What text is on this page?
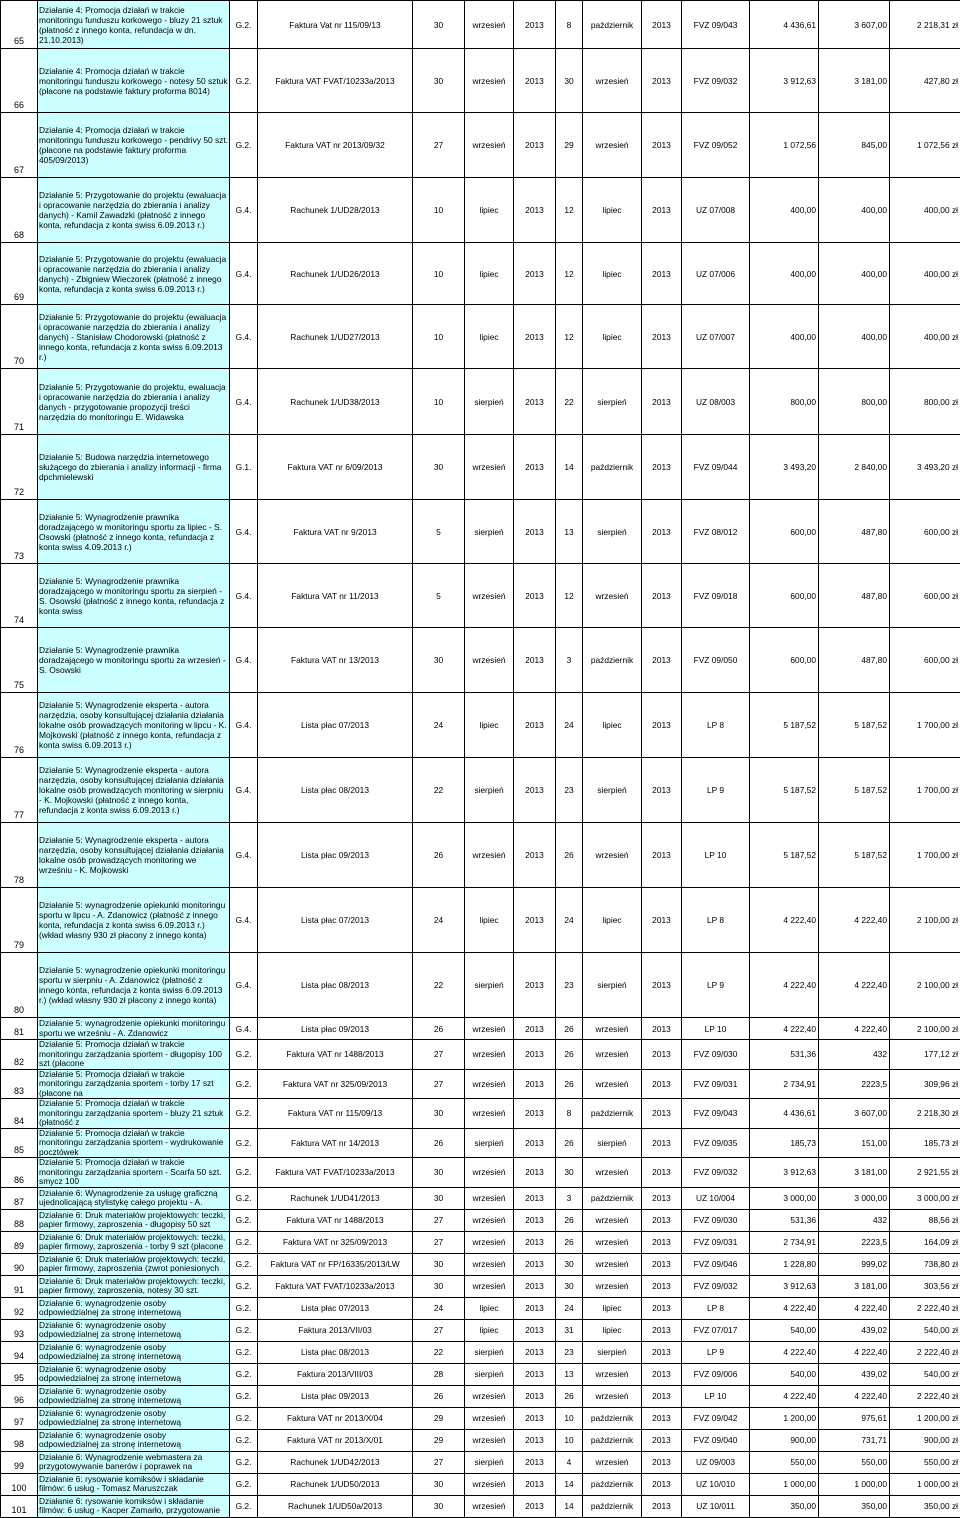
65	Działanie 4: Promocja działań w trakcie monitoringu funduszu korkowego - bluzy 21 sztuk (płatność z innego konta, refundacja w dn. 21.10.2013)	G.2.	Faktura Vat nr 115/09/13	30	wrzesień	2013	8	październik	2013	FVZ 09/043	4 436,61	3 607,00	2 218,31 zł
66	Działanie 4: Promocja działań w trakcie monitoringu funduszu korkowego - notesy 50 sztuk (płacone na podstawie faktury proforma 8014)	G.2.	Faktura VAT FVAT/10233a/2013	30	wrzesień	2013	30	wrzesień	2013	FVZ 09/032	3 912,63	3 181,00	427,80 zł
67	Działanie 4: Promocja działań w trakcie monitoringu funduszu korkowego - pendrivy 50 szt. (płacone na podstawie faktury proforma 405/09/2013)	G.2.	Faktura VAT nr 2013/09/32	27	wrzesień	2013	29	wrzesień	2013	FVZ 09/052	1 072,56	845,00	1 072,56 zł
68	Działanie 5: Przygotowanie do projektu (ewaluacja i opracowanie narzędzia do zbierania i analizy danych) - Kamil Zawadzki (płatność z innego konta, refundacja z konta swiss 6.09.2013 r.)	G.4.	Rachunek 1/UD28/2013	10	lipiec	2013	12	lipiec	2013	UZ 07/008	400,00	400,00	400,00 zł
69	Działanie 5: Przygotowanie do projektu (ewaluacja i opracowanie narzędzia do zbierania i analizy danych) - Zbigniew Wieczorek (płatność z innego konta, refundacja z konta swiss 6.09.2013 r.)	G.4.	Rachunek 1/UD26/2013	10	lipiec	2013	12	lipiec	2013	UZ 07/006	400,00	400,00	400,00 zł
70	Działanie 5: Przygotowanie do projektu (ewaluacja i opracowanie narzędzia do zbierania i analizy danych) - Stanisław Chodorowski (płatność z innego konta, refundacja z konta swiss 6.09.2013 r.)	G.4.	Rachunek 1/UD27/2013	10	lipiec	2013	12	lipiec	2013	UZ 07/007	400,00	400,00	400,00 zł
71	Działanie 5: Przygotowanie do projektu, ewaluacja i opracowanie narzędzia do zbierania i analizy danych - przygotowanie propozycji treści narzędzia do monitoringu E. Widawska	G.4.	Rachunek 1/UD38/2013	10	sierpień	2013	22	sierpień	2013	UZ 08/003	800,00	800,00	800,00 zł
72	Działanie 5: Budowa narzędzia internetowego służącego do zbierania i analizy informacji - firma dpchmielewski	G.1.	Faktura VAT nr 6/09/2013	30	wrzesień	2013	14	październik	2013	FVZ 09/044	3 493,20	2 840,00	3 493,20 zł
73	Działanie 5: Wynagrodzenie prawnika doradzającego w monitoringu sportu za lipiec - S. Osowski (płatność z innego konta, refundacja z konta swiss 4.09.2013 r.)	G.4.	Faktura VAT nr 9/2013	5	sierpień	2013	13	sierpień	2013	FVZ 08/012	600,00	487,80	600,00 zł
74	Działanie 5: Wynagrodzenie prawnika doradzającego w monitoringu sportu za sierpień - S. Osowski (płatność z innego konta, refundacja z konta swiss	G.4.	Faktura VAT nr 11/2013	5	wrzesień	2013	12	wrzesień	2013	FVZ 09/018	600,00	487,80	600,00 zł
75	Działanie 5: Wynagrodzenie prawnika doradzającego w monitoringu sportu za wrzesień - S. Osowski	G.4.	Faktura VAT nr 13/2013	30	wrzesień	2013	3	październik	2013	FVZ 09/050	600,00	487,80	600,00 zł
76	Działanie 5: Wynagrodzenie eksperta - autora narzędzia, osoby konsultującej działania działania lokalne osób prowadzących monitoring w lipcu - K. Mojkowski (płatność z innego konta, refundacja z konta swiss 6.09.2013 r.)	G.4.	Lista płac 07/2013	24	lipiec	2013	24	lipiec	2013	LP 8	5 187,52	5 187,52	1 700,00 zł
77	Działanie 5: Wynagrodzenie eksperta - autora narzędzia, osoby konsultującej działania działania lokalne osób prowadzących monitoring w sierpniu - K. Mojkowski (płatność z innego konta, refundacja z konta swiss 6.09.2013 r.)	G.4.	Lista płac 08/2013	22	sierpień	2013	23	sierpień	2013	LP 9	5 187,52	5 187,52	1 700,00 zł
78	Działanie 5: Wynagrodzenie eksperta - autora narzędzia, osoby konsultującej działania działania lokalne osób prowadzących monitoring we wrześniu - K. Mojkowski	G.4.	Lista płac 09/2013	26	wrzesień	2013	26	wrzesień	2013	LP 10	5 187,52	5 187,52	1 700,00 zł
79	Działanie 5: wynagrodzenie opiekunki monitoringu sportu w lipcu - A. Zdanowicz (płatność z innego konta, refundacja z konta swiss 6.09.2013 r.) (wkład własny 930 zł płacony z innego konta)	G.4.	Lista płac 07/2013	24	lipiec	2013	24	lipiec	2013	LP 8	4 222,40	4 222,40	2 100,00 zł
80	Działanie 5: wynagrodzenie opiekunki monitoringu sportu w sierpniu - A. Zdanowicz (płatność z innego konta, refundacja z konta swiss 6.09.2013 r.) (wkład własny 930 zł płacony z innego konta)	G.4.	Lista płac 08/2013	22	sierpień	2013	23	sierpień	2013	LP 9	4 222,40	4 222,40	2 100,00 zł
81	Działanie 5: wynagrodzenie opiekunki monitoringu sportu we wrześniu - A. Zdanowicz	G.4.	Lista płac 09/2013	26	wrzesień	2013	26	wrzesień	2013	LP 10	4 222,40	4 222,40	2 100,00 zł
82	Działanie 5: Promocja działań w trakcie monitoringu zarządzania sportem - długopisy 100 szt (płacone	G.2.	Faktura VAT nr 1488/2013	27	wrzesień	2013	26	wrzesień	2013	FVZ 09/030	531,36	432	177,12 zł
83	Działanie 5: Promocja działań w trakcie monitoringu zarządzania sportem - torby 17 szt (płacone na	G.2.	Faktura VAT nr 325/09/2013	27	wrzesień	2013	26	wrzesień	2013	FVZ 09/031	2 734,91	2223,5	309,96 zł
84	Działanie 5: Promocja działań w trakcie monitoringu zarządzania sportem - bluzy 21 sztuk (płatność z	G.2.	Faktura VAT nr 115/09/13	30	wrzesień	2013	8	październik	2013	FVZ 09/043	4 436,61	3 607,00	2 218,30 zł
85	Działanie 5: Promocja działań w trakcie monitoringu zarządzania sportem - wydrukowanie pocztówek	G.2.	Faktura VAT nr 14/2013	26	sierpień	2013	26	sierpień	2013	FVZ 09/035	185,73	151,00	185,73 zł
86	Działanie 5: Promocja działań w trakcie monitoringu zarządzania sportem - Scarfa 50 szt. smycz 100	G.2.	Faktura VAT FVAT/10233a/2013	30	wrzesień	2013	30	wrzesień	2013	FVZ 09/032	3 912,63	3 181,00	2 921,55 zł
87	Działanie 6: Wynagrodzenie za usługę graficzną ujednolicającą stylistykę całego projektu - A.	G.2.	Rachunek 1/UD41/2013	30	wrzesień	2013	3	październik	2013	UZ 10/004	3 000,00	3 000,00	3 000,00 zł
88	Działanie 6: Druk materiałów projektowych: teczki, papier firmowy, zaproszenia - długopisy 50 szt	G.2.	Faktura VAT nr 1488/2013	27	wrzesień	2013	26	wrzesień	2013	FVZ 09/030	531,36	432	88,56 zł
89	Działanie 6: Druk materiałów projektowych: teczki, papier firmowy, zaproszenia - torby 9 szt (płacone	G.2.	Faktura VAT nr 325/09/2013	27	wrzesień	2013	26	wrzesień	2013	FVZ 09/031	2 734,91	2223,5	164,09 zł
90	Działanie 6: Druk materiałów projektowych: teczki, papier firmowy, zaproszenia (zwrot poniesionych	G.2.	Faktura VAT nr FP/16335/2013/LW	30	wrzesień	2013	30	wrzesień	2013	FVZ 09/046	1 228,80	999,02	738,80 zł
91	Działanie 6: Druk materiałów projektowych: teczki, papier firmowy, zaproszenia, notesy 30 szt.	G.2.	Faktura VAT FVAT/10233a/2013	30	wrzesień	2013	30	wrzesień	2013	FVZ 09/032	3 912,63	3 181,00	303,56 zł
92	Działanie 6: wynagrodzenie osoby odpowiedzialnej za stronę internetową	G.2.	Lista płac 07/2013	24	lipiec	2013	24	lipiec	2013	LP 8	4 222,40	4 222,40	2 222,40 zł
93	Działanie 6: wynagrodzenie osoby odpowiedzialnej za stronę internetową	G.2.	Faktura 2013/VII/03	27	lipiec	2013	31	lipiec	2013	FVZ 07/017	540,00	439,02	540,00 zł
94	Działanie 6: wynagrodzenie osoby odpowiedzialnej za stronę internetową	G.2.	Lista płac 08/2013	22	sierpień	2013	23	sierpień	2013	LP 9	4 222,40	4 222,40	2 222,40 zł
95	Działanie 6: wynagrodzenie osoby odpowiedzialnej za stronę internetową	G.2.	Faktura 2013/VIII/03	28	sierpień	2013	13	wrzesień	2013	FVZ 09/006	540,00	439,02	540,00 zł
96	Działanie 6: wynagrodzenie osoby odpowiedzialnej za stronę internetową	G.2.	Lista płac 09/2013	26	wrzesień	2013	26	wrzesień	2013	LP 10	4 222,40	4 222,40	2 222,40 zł
97	Działanie 6: wynagrodzenie osoby odpowiedzialnej za stronę internetową	G.2.	Faktura VAT nr 2013/X/04	29	wrzesień	2013	10	październik	2013	FVZ 09/042	1 200,00	975,61	1 200,00 zł
98	Działanie 6: wynagrodzenie osoby odpowiedzialnej za stronę internetową	G.2.	Faktura VAT nr 2013/X/01	29	wrzesień	2013	10	październik	2013	FVZ 09/040	900,00	731,71	900,00 zł
99	Działanie 6: Wynagrodzenie webmastera za przygotowywanie banerów i poprawek na	G.2.	Rachunek 1/UD42/2013	27	sierpień	2013	4	wrzesień	2013	UZ 09/003	550,00	550,00	550,00 zł
100	Działanie 6: rysowanie komiksów i składanie filmów: 6 usług - Tomasz Maruszczak	G.2.	Rachunek 1/UD50/2013	30	wrzesień	2013	14	październik	2013	UZ 10/010	1 000,00	1 000,00	1 000,00 zł
101	Działanie 6: rysowanie komiksów i składanie filmów: 6 usług - Kacper Zamarło, przygotowanie	G.2.	Rachunek 1/UD50a/2013	30	wrzesień	2013	14	październik	2013	UZ 10/011	350,00	350,00	350,00 zł
